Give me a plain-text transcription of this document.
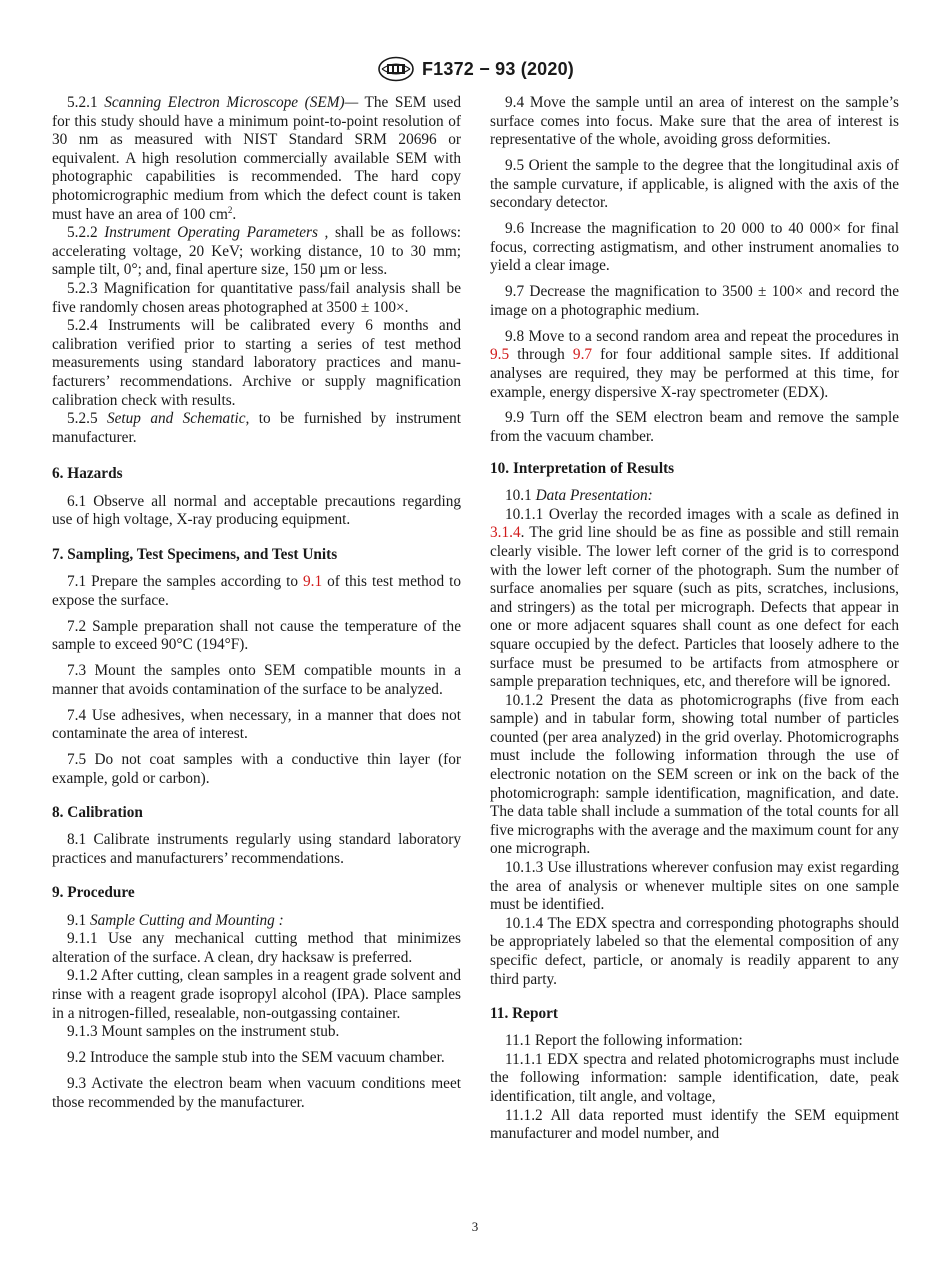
F1372 − 93 (2020)

5.2.1 Scanning Electron Microscope (SEM)— The SEM used for this study should have a minimum point-to-point resolution of 30 nm as measured with NIST Standard SRM 20696 or equivalent. A high resolution commercially available SEM with photographic capabilities is recommended. The hard copy photomicrographic medium from which the defect count is taken must have an area of 100 $cm^2$.

5.2.2 Instrument Operating Parameters , shall be as follows: accelerating voltage, 20 KeV; working distance, 10 to 30 mm; sample tilt, 0°; and, final aperture size, 150 µm or less.

5.2.3 Magnification for quantitative pass/fail analysis shall be five randomly chosen areas photographed at 3500 ± 100×.

5.2.4 Instruments will be calibrated every 6 months and calibration verified prior to starting a series of test method measurements using standard laboratory practices and manufacturers’ recommendations. Archive or supply magnification calibration check with results.

5.2.5 Setup and Schematic, to be furnished by instrument manufacturer.

6. Hazards

6.1 Observe all normal and acceptable precautions regarding use of high voltage, X-ray producing equipment.

7. Sampling, Test Specimens, and Test Units

7.1 Prepare the samples according to 9.1 of this test method to expose the surface.

7.2 Sample preparation shall not cause the temperature of the sample to exceed 90°C (194°F).

7.3 Mount the samples onto SEM compatible mounts in a manner that avoids contamination of the surface to be analyzed.

7.4 Use adhesives, when necessary, in a manner that does not contaminate the area of interest.

7.5 Do not coat samples with a conductive thin layer (for example, gold or carbon).

8. Calibration

8.1 Calibrate instruments regularly using standard laboratory practices and manufacturers’ recommendations.

9. Procedure

9.1 Sample Cutting and Mounting :

9.1.1 Use any mechanical cutting method that minimizes alteration of the surface. A clean, dry hacksaw is preferred.

9.1.2 After cutting, clean samples in a reagent grade solvent and rinse with a reagent grade isopropyl alcohol (IPA). Place samples in a nitrogen-filled, resealable, non-outgassing container.

9.1.3 Mount samples on the instrument stub.

9.2 Introduce the sample stub into the SEM vacuum chamber.

9.3 Activate the electron beam when vacuum conditions meet those recommended by the manufacturer.

9.4 Move the sample until an area of interest on the sample’s surface comes into focus. Make sure that the area of interest is representative of the whole, avoiding gross deformities.

9.5 Orient the sample to the degree that the longitudinal axis of the sample curvature, if applicable, is aligned with the axis of the secondary detector.

9.6 Increase the magnification to 20 000 to 40 000× for final focus, correcting astigmatism, and other instrument anomalies to yield a clear image.

9.7 Decrease the magnification to 3500 ± 100× and record the image on a photographic medium.

9.8 Move to a second random area and repeat the procedures in 9.5 through 9.7 for four additional sample sites. If additional analyses are required, they may be performed at this time, for example, energy dispersive X-ray spectrometer (EDX).

9.9 Turn off the SEM electron beam and remove the sample from the vacuum chamber.

10. Interpretation of Results

10.1 Data Presentation:

10.1.1 Overlay the recorded images with a scale as defined in 3.1.4. The grid line should be as fine as possible and still remain clearly visible. The lower left corner of the grid is to correspond with the lower left corner of the photograph. Sum the number of surface anomalies per square (such as pits, scratches, inclusions, and stringers) as the total per micrograph. Defects that appear in one or more adjacent squares shall count as one defect for each square occupied by the defect. Particles that loosely adhere to the surface must be presumed to be artifacts from atmosphere or sample preparation techniques, etc, and therefore will be ignored.

10.1.2 Present the data as photomicrographs (five from each sample) and in tabular form, showing total number of particles counted (per area analyzed) in the grid overlay. Photomicrographs must include the following information through the use of electronic notation on the SEM screen or ink on the back of the photomicrograph: sample identification, magnification, and date. The data table shall include a summation of the total counts for all five micrographs with the average and the maximum count for any one micrograph.

10.1.3 Use illustrations wherever confusion may exist regarding the area of analysis or whenever multiple sites on one sample must be identified.

10.1.4 The EDX spectra and corresponding photographs should be appropriately labeled so that the elemental composition of any specific defect, particle, or anomaly is readily apparent to any third party.

11. Report

11.1 Report the following information:

11.1.1 EDX spectra and related photomicrographs must include the following information: sample identification, date, peak identification, tilt angle, and voltage,

11.1.2 All data reported must identify the SEM equipment manufacturer and model number, and

3
